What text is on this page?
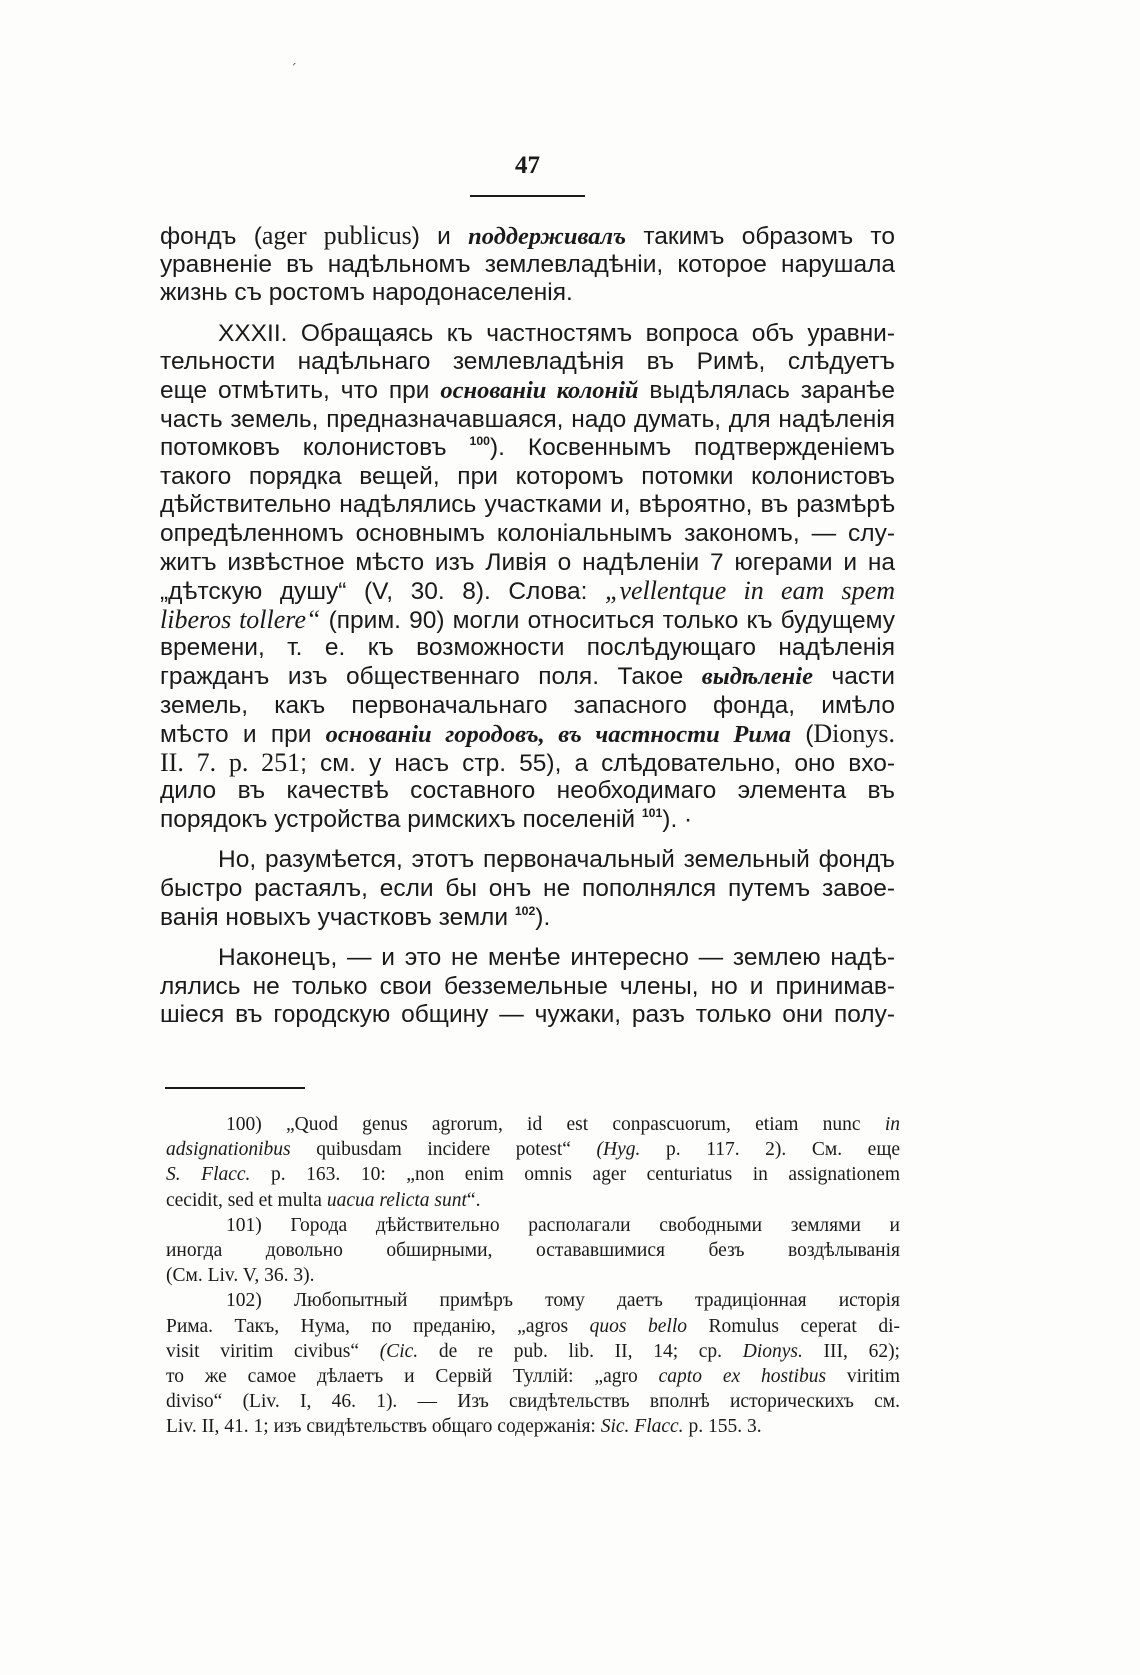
ˊ
47
фондъ (ager publicus) и поддерживалъ такимъ образомъ то
уравненіе въ надѣльномъ землевладѣніи, которое нарушала
жизнь съ ростомъ народонаселенія.
XXXII. Обращаясь къ частностямъ вопроса объ уравни-
тельности надѣльнаго землевладѣнія въ Римѣ, слѣдуетъ
еще отмѣтить, что при основаніи колоній выдѣлялась заранѣе
часть земель, предназначавшаяся, надо думать, для надѣленія
потомковъ колонистовъ $^{100}$). Косвеннымъ подтвержденіемъ
такого порядка вещей, при которомъ потомки колонистовъ
дѣйствительно надѣлялись участками и, вѣроятно, въ размѣрѣ
опредѣленномъ основнымъ колоніальнымъ закономъ, — слу-
житъ извѣстное мѣсто изъ Ливія о надѣленіи 7 югерами и на
„дѣтскую душу“ (V, 30. 8). Слова: „vellentque in eam spem
liberos tollere“ (прим. 90) могли относиться только къ будущему
времени, т. е. къ возможности послѣдующаго надѣленія
гражданъ изъ общественнаго поля. Такое выдѣленіе части
земель, какъ первоначальнаго запасного фонда, имѣло
мѣсто и при основаніи городовъ, въ частности Рима (Dionys.
II. 7. p. 251; см. у насъ стр. 55), а слѣдовательно, оно вхо-
дило въ качествѣ составного необходимаго элемента въ
порядокъ устройства римскихъ поселеній $^{101}$). ·
Но, разумѣется, этотъ первоначальный земельный фондъ
быстро растаялъ, если бы онъ не пополнялся путемъ завое-
ванія новыхъ участковъ земли $^{102}$).
Наконецъ, — и это не менѣе интересно — землею надѣ-
лялись не только свои безземельные члены, но и принимав-
шіеся въ городскую общину — чужаки, разъ только они полу-
100) „Quod genus agrorum, id est conpascuorum, etiam nunc in
adsignationibus quibusdam incidere potest“ (Hyg. p. 117. 2). См. еще
S. Flacc. p. 163. 10: „non enim omnis ager centuriatus in assignationem
cecidit, sed et multa uacua relicta sunt“.
101) Города дѣйствительно располагали свободными землями и
иногда довольно обширными, остававшимися безъ воздѣлыванія
(См. Liv. V, 36. 3).
102) Любопытный примѣръ тому даетъ традиціонная исторія
Рима. Такъ, Нума, по преданію, „agros quos bello Romulus ceperat di-
visit viritim civibus“ (Cic. de re pub. lib. II, 14; cp. Dionys. III, 62);
то же самое дѣлаетъ и Сервій Туллій: „agro capto ex hostibus viritim
diviso“ (Liv. I, 46. 1). — Изъ свидѣтельствъ вполнѣ историческихъ см.
Liv. II, 41. 1; изъ свидѣтельствъ общаго содержанія: Sic. Flacc. p. 155. 3.
